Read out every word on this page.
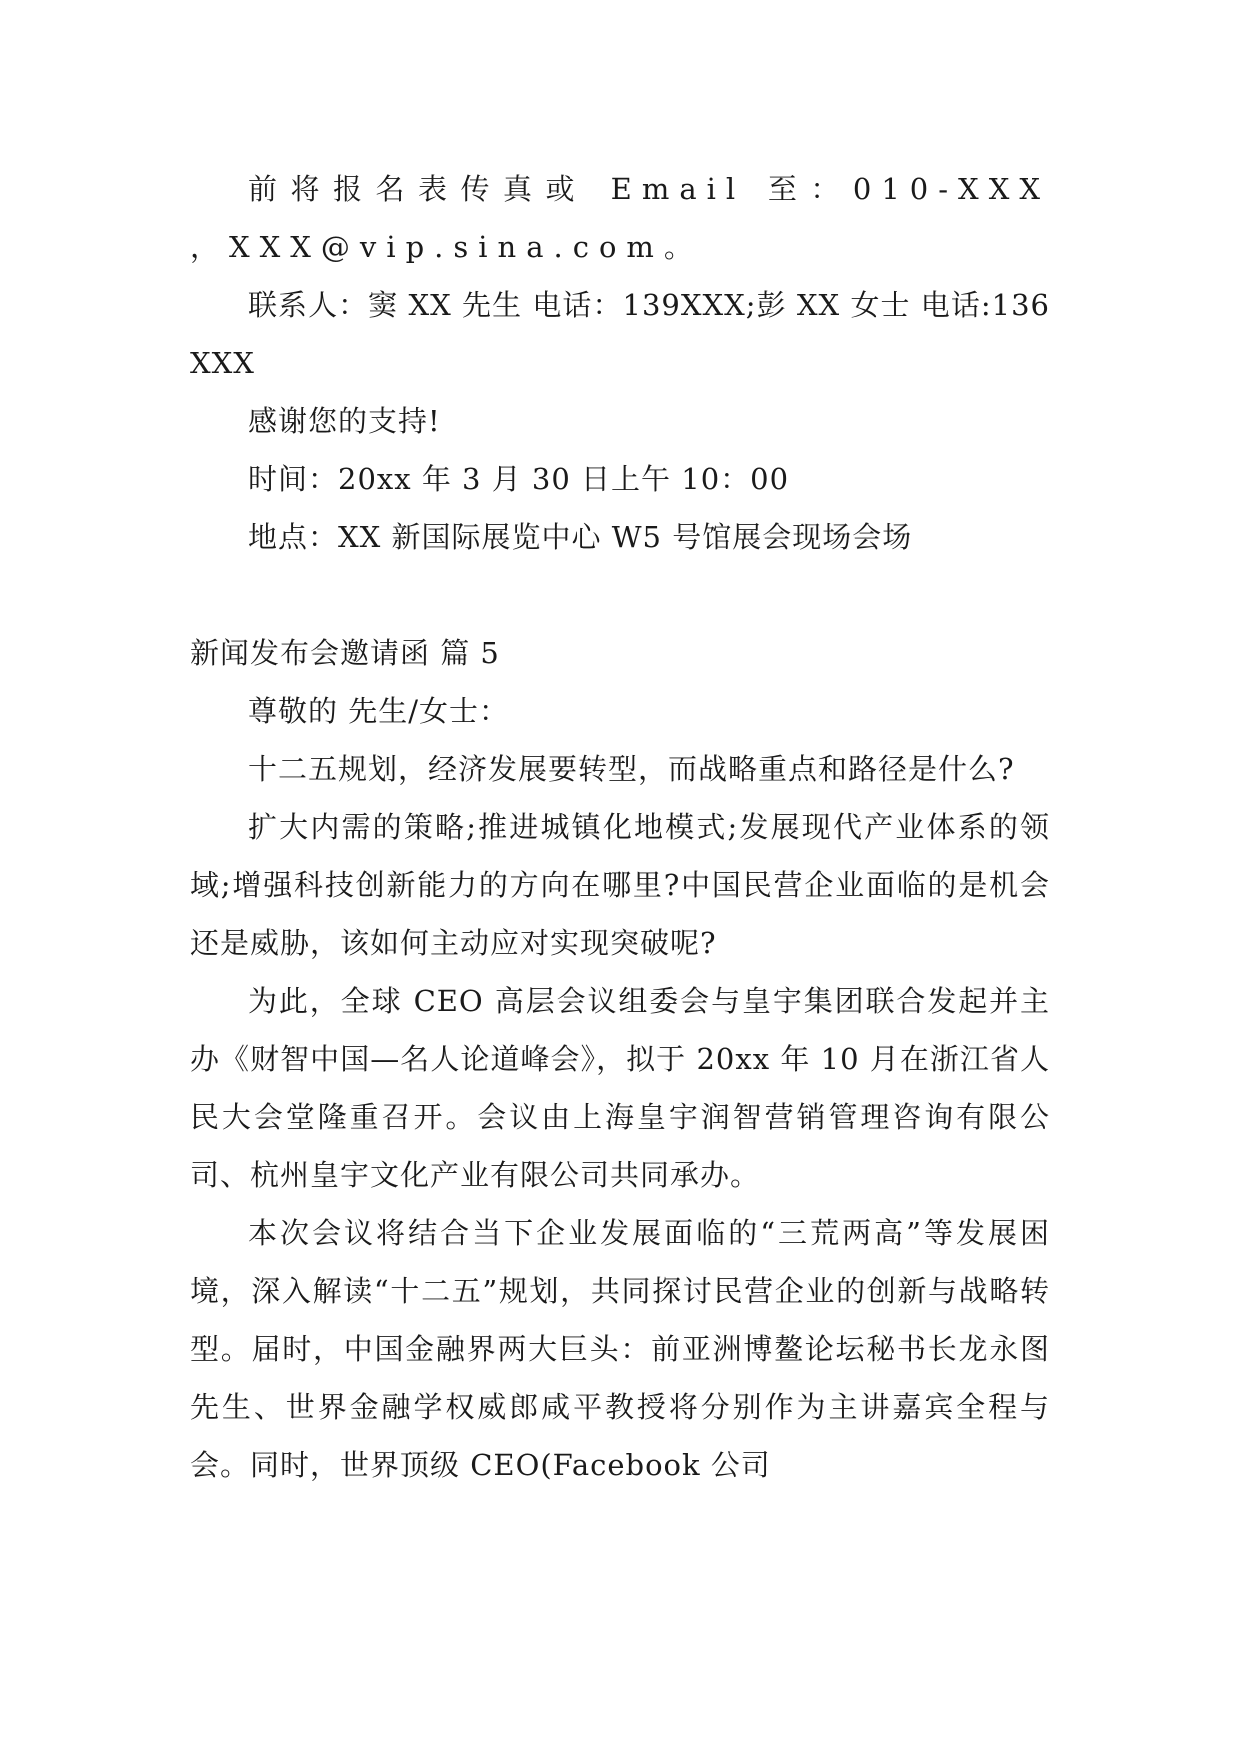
前将报名表传真或 Email 至：010-XXX ，XXX@vip.sina.com。

联系人：窦 XX 先生 电话：139XXX;彭 XX 女士 电话:136XXX

感谢您的支持!

时间：20xx 年 3 月 30 日上午 10：00

地点：XX 新国际展览中心 W5 号馆展会现场会场

新闻发布会邀请函 篇 5

尊敬的 先生/女士：

十二五规划，经济发展要转型，而战略重点和路径是什么?

扩大内需的策略;推进城镇化地模式;发展现代产业体系的领域;增强科技创新能力的方向在哪里?中国民营企业面临的是机会还是威胁，该如何主动应对实现突破呢?

为此，全球 CEO 高层会议组委会与皇宇集团联合发起并主办《财智中国—名人论道峰会》，拟于 20xx 年 10 月在浙江省人民大会堂隆重召开。会议由上海皇宇润智营销管理咨询有限公司、杭州皇宇文化产业有限公司共同承办。

本次会议将结合当下企业发展面临的“三荒两高”等发展困境，深入解读“十二五”规划，共同探讨民营企业的创新与战略转型。届时，中国金融界两大巨头：前亚洲博鳌论坛秘书长龙永图先生、世界金融学权威郎咸平教授将分别作为主讲嘉宾全程与会。同时，世界顶级 CEO(Facebook 公司
